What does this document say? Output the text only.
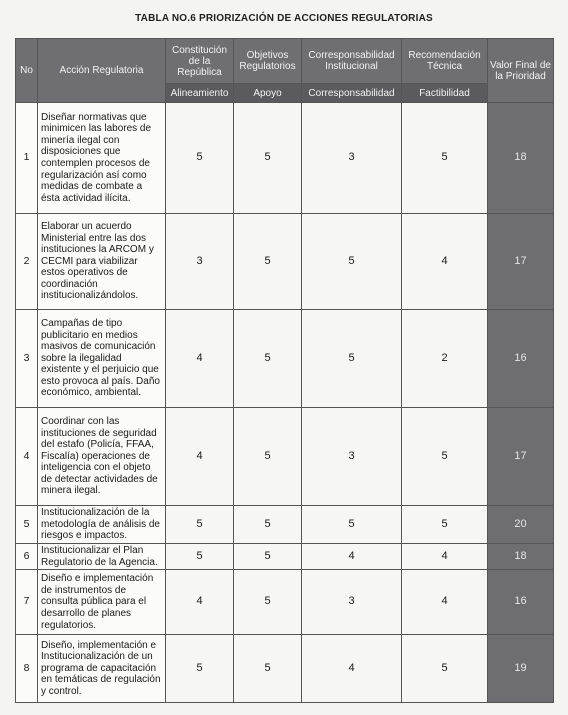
TABLA NO.6 PRIORIZACIÓN DE ACCIONES REGULATORIAS
No	Acción Regulatoria	Constitución de la República	Objetivos Regulatorios	Corresponsabilidad Institucional	Recomendación Técnica	Valor Final de la Prioridad
		Alineamiento	Apoyo	Corresponsabilidad	Factibilidad	
1	Diseñar normativas que minimicen las labores de minería ilegal con disposiciones que contemplen procesos de regularización así como medidas de combate a ésta actividad ilícita.	5	5	3	5	18
2	Elaborar un acuerdo Ministerial entre las dos instituciones la ARCOM y CECMI para viabilizar estos operativos de coordinación institucionalizándolos.	3	5	5	4	17
3	Campañas de tipo publicitario en medios masivos de comunicación sobre la ilegalidad existente y el perjuicio que esto provoca al país. Daño económico, ambiental.	4	5	5	2	16
4	Coordinar con las instituciones de seguridad del estafo (Policía, FFAA, Fiscalía) operaciones de inteligencia con el objeto de detectar actividades de minera ilegal.	4	5	3	5	17
5	Institucionalización de la metodología de análisis de riesgos e impactos.	5	5	5	5	20
6	Institucionalizar el Plan Regulatorio de la Agencia.	5	5	4	4	18
7	Diseño e implementación de instrumentos de consulta pública para el desarrollo de planes regulatorios.	4	5	3	4	16
8	Diseño, implementación e Institucionalización de un programa de capacitación en temáticas de regulación y control.	5	5	4	5	19
